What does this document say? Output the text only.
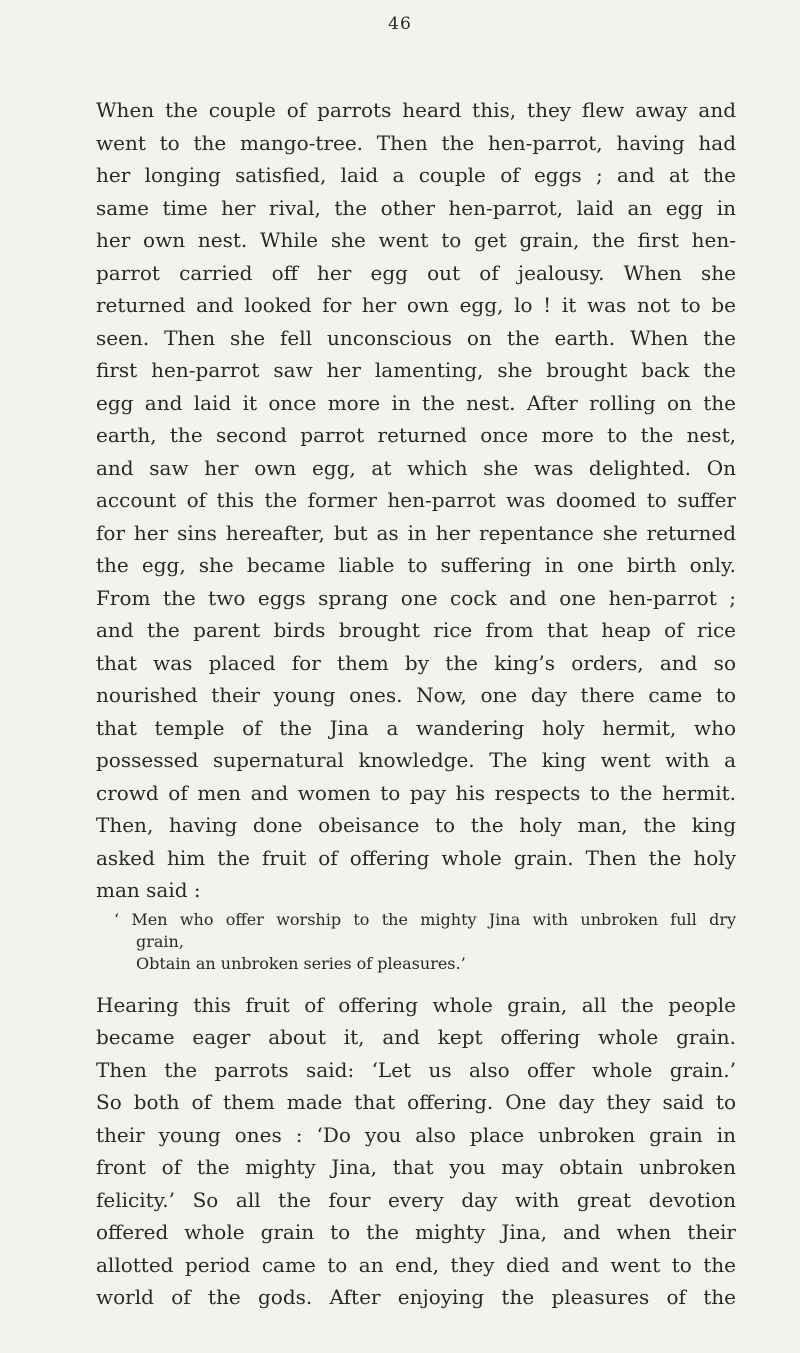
46
When the couple of parrots heard this, they flew away and
went to the mango-tree. Then the hen-parrot, having had
her longing satisfied, laid a couple of eggs ; and at the
same time her rival, the other hen-parrot, laid an egg in
her own nest. While she went to get grain, the first hen-
parrot carried off her egg out of jealousy. When she
returned and looked for her own egg, lo ! it was not to be
seen. Then she fell unconscious on the earth. When the
first hen-parrot saw her lamenting, she brought back the
egg and laid it once more in the nest. After rolling on the
earth, the second parrot returned once more to the nest,
and saw her own egg, at which she was delighted. On
account of this the former hen-parrot was doomed to suffer
for her sins hereafter, but as in her repentance she returned
the egg, she became liable to suffering in one birth only.
From the two eggs sprang one cock and one hen-parrot ;
and the parent birds brought rice from that heap of rice
that was placed for them by the king’s orders, and so
nourished their young ones. Now, one day there came to
that temple of the Jina a wandering holy hermit, who
possessed supernatural knowledge. The king went with a
crowd of men and women to pay his respects to the hermit.
Then, having done obeisance to the holy man, the king
asked him the fruit of offering whole grain. Then the holy
man said :
‘ Men who offer worship to the mighty Jina with unbroken full dry
grain,
Obtain an unbroken series of pleasures.’
Hearing this fruit of offering whole grain, all the people
became eager about it, and kept offering whole grain.
Then the parrots said: ‘Let us also offer whole grain.’
So both of them made that offering. One day they said to
their young ones : ‘Do you also place unbroken grain in
front of the mighty Jina, that you may obtain unbroken
felicity.’ So all the four every day with great devotion
offered whole grain to the mighty Jina, and when their
allotted period came to an end, they died and went to the
world of the gods. After enjoying the pleasures of the
